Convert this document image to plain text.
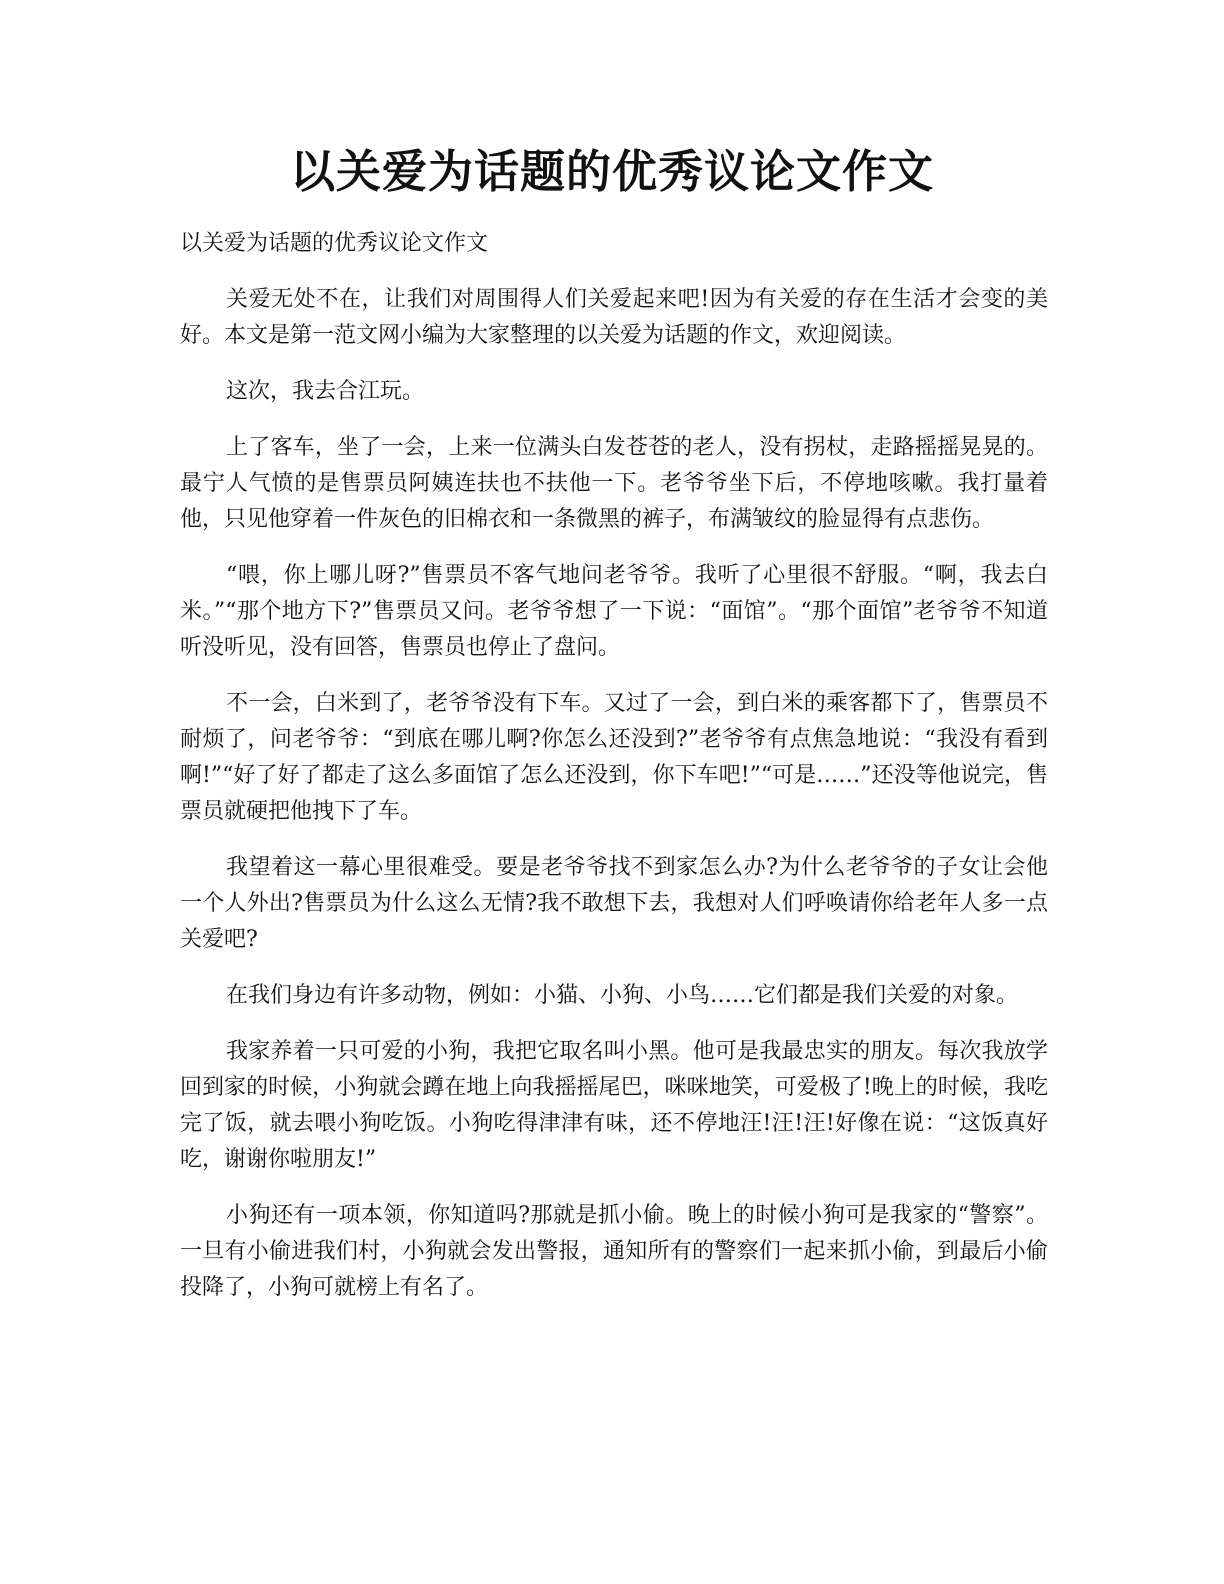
以关爱为话题的优秀议论文作文

以关爱为话题的优秀议论文作文

关爱无处不在，让我们对周围得人们关爱起来吧!因为有关爱的存在生活才会变的美好。本文是第一范文网小编为大家整理的以关爱为话题的作文，欢迎阅读。

这次，我去合江玩。

上了客车，坐了一会，上来一位满头白发苍苍的老人，没有拐杖，走路摇摇晃晃的。最宁人气愤的是售票员阿姨连扶也不扶他一下。老爷爷坐下后，不停地咳嗽。我打量着他，只见他穿着一件灰色的旧棉衣和一条微黑的裤子，布满皱纹的脸显得有点悲伤。

“喂，你上哪儿呀?”售票员不客气地问老爷爷。我听了心里很不舒服。“啊，我去白米。”“那个地方下?”售票员又问。老爷爷想了一下说：“面馆”。“那个面馆”老爷爷不知道听没听见，没有回答，售票员也停止了盘问。

不一会，白米到了，老爷爷没有下车。又过了一会，到白米的乘客都下了，售票员不耐烦了，问老爷爷：“到底在哪儿啊?你怎么还没到?”老爷爷有点焦急地说：“我没有看到啊!”“好了好了都走了这么多面馆了怎么还没到，你下车吧!”“可是……”还没等他说完，售票员就硬把他拽下了车。

我望着这一幕心里很难受。要是老爷爷找不到家怎么办?为什么老爷爷的子女让会他一个人外出?售票员为什么这么无情?我不敢想下去，我想对人们呼唤请你给老年人多一点关爱吧?

在我们身边有许多动物，例如：小猫、小狗、小鸟……它们都是我们关爱的对象。

我家养着一只可爱的小狗，我把它取名叫小黑。他可是我最忠实的朋友。每次我放学回到家的时候，小狗就会蹲在地上向我摇摇尾巴，咪咪地笑，可爱极了!晚上的时候，我吃完了饭，就去喂小狗吃饭。小狗吃得津津有味，还不停地汪!汪!汪!好像在说：“这饭真好吃，谢谢你啦朋友!”

小狗还有一项本领，你知道吗?那就是抓小偷。晚上的时候小狗可是我家的“警察”。一旦有小偷进我们村，小狗就会发出警报，通知所有的警察们一起来抓小偷，到最后小偷投降了，小狗可就榜上有名了。
